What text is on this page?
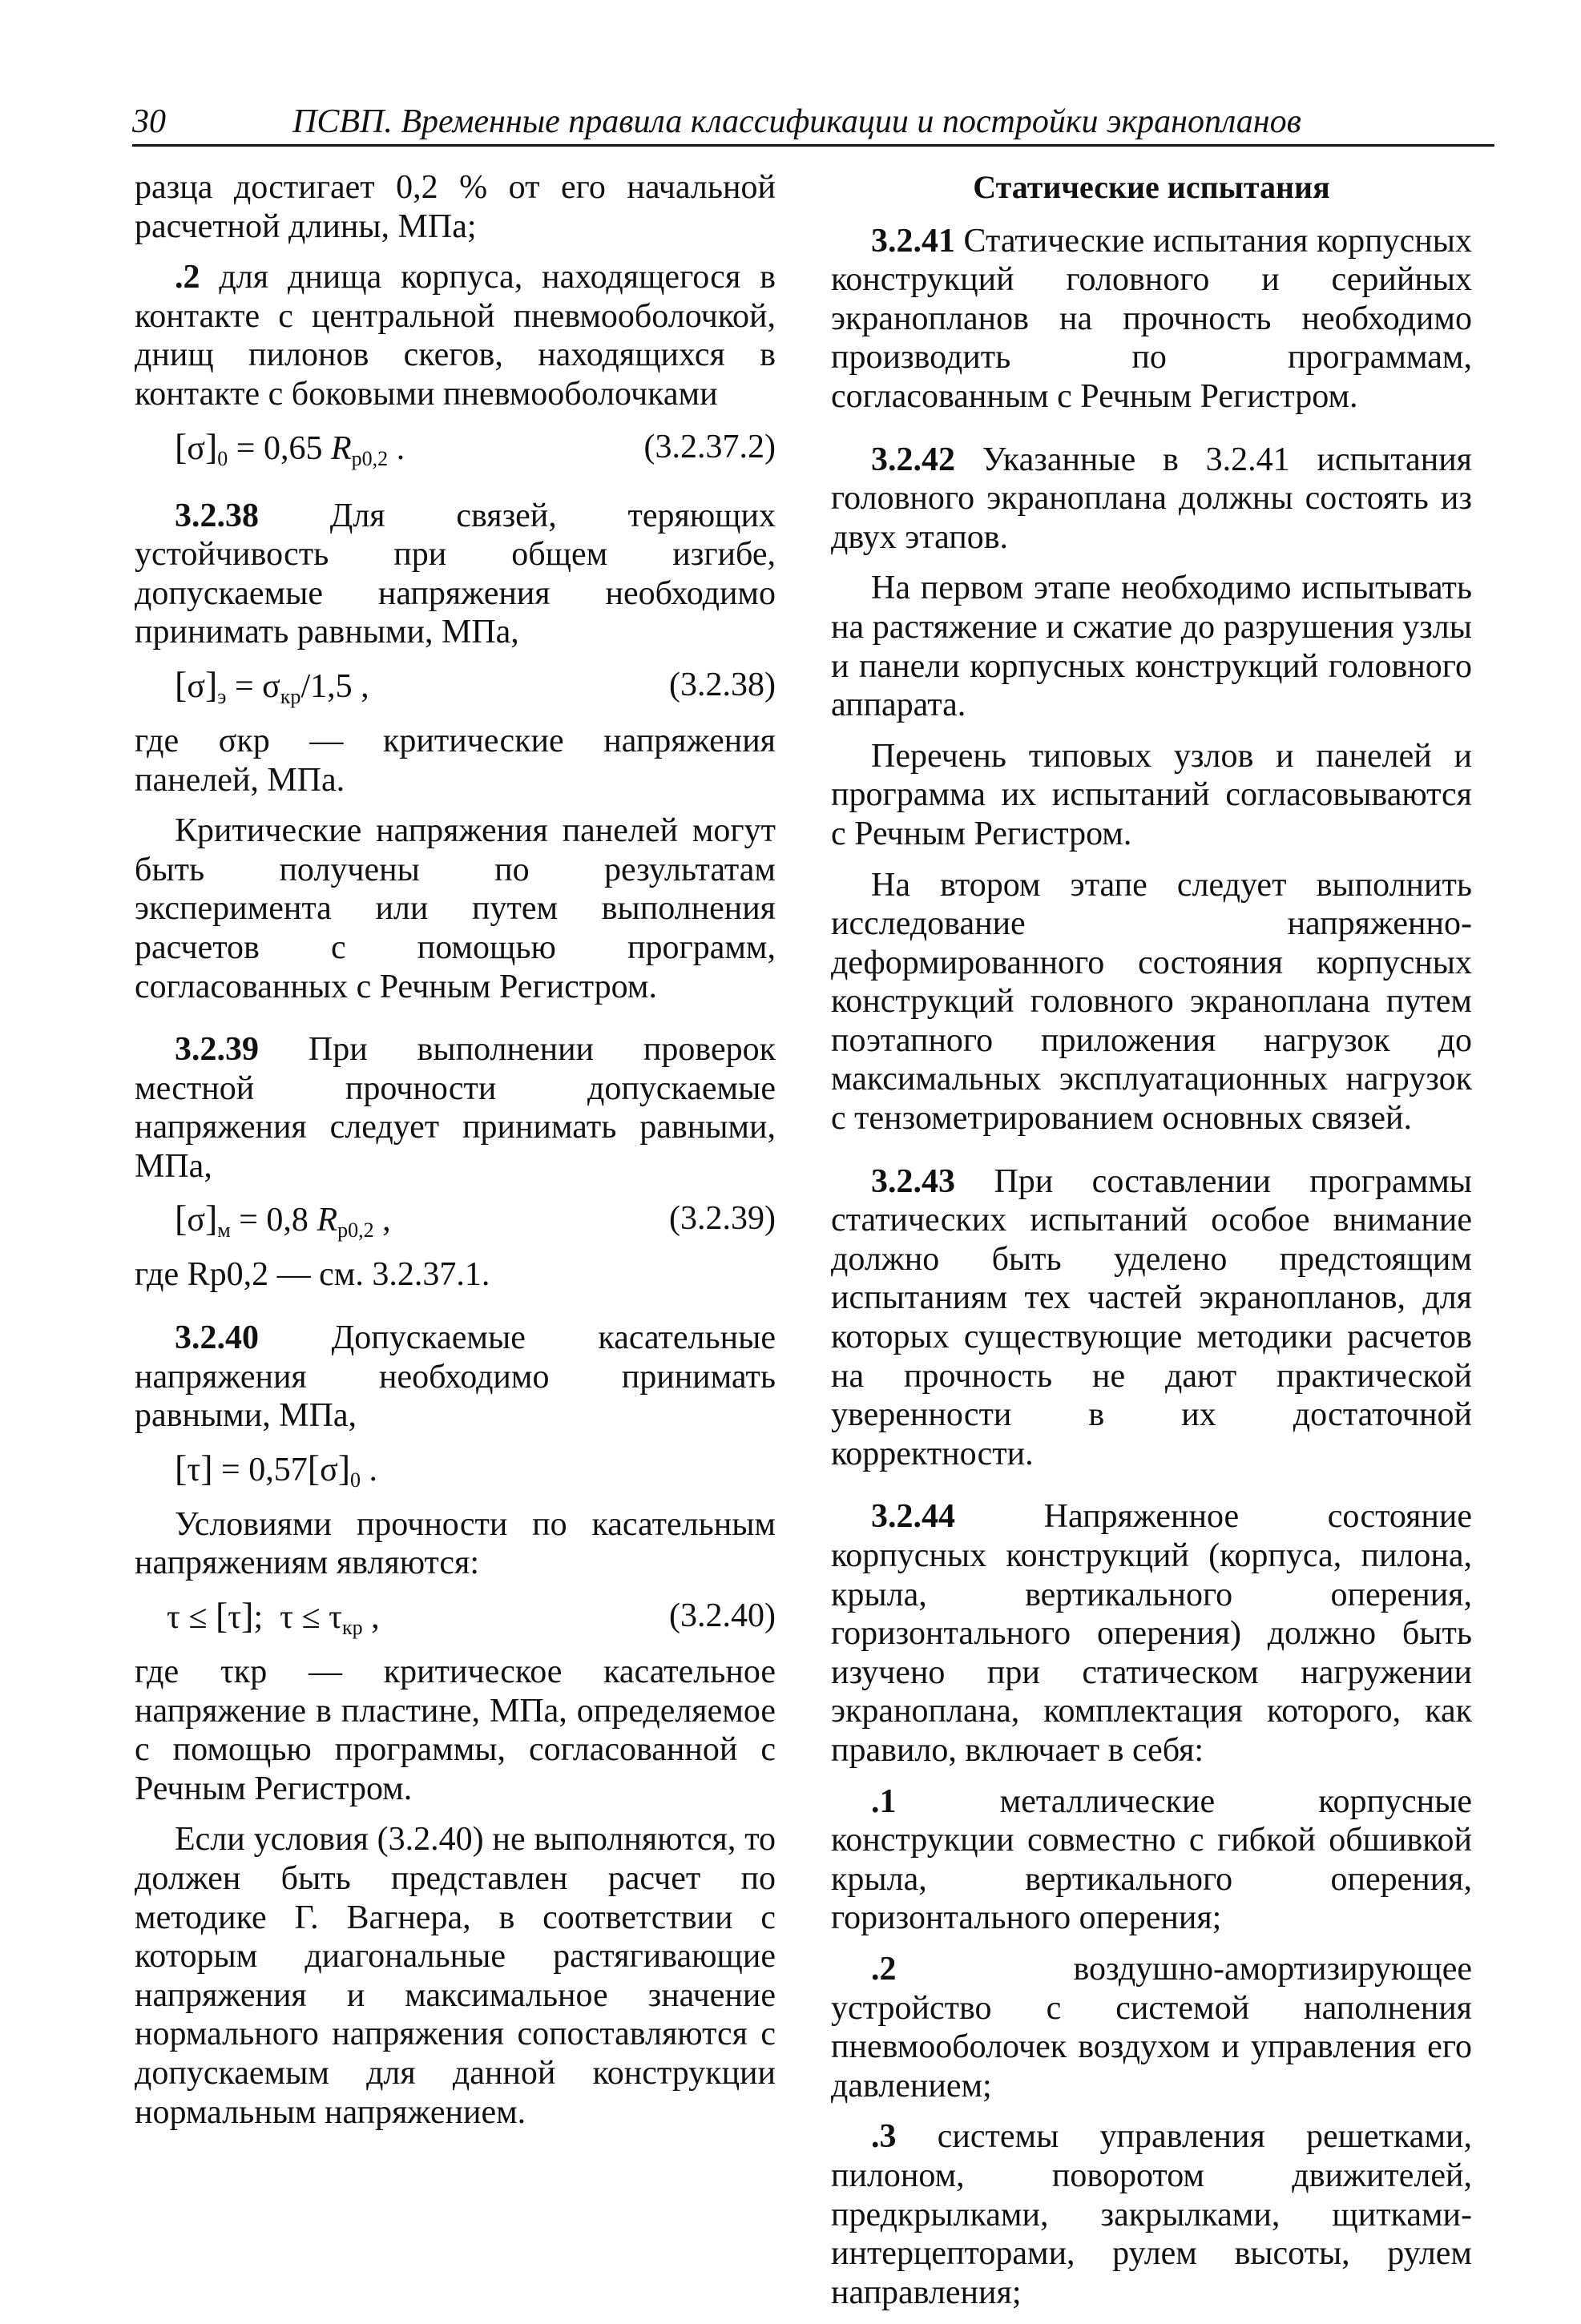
30	ПСВП. Временные правила классификации и постройки экранопланов

разца достигает 0,2 % от его начальной расчетной длины, МПа;

.2 для днища корпуса, находящегося в контакте с центральной пневмооболочкой, днищ пилонов скегов, находящихся в контакте с боковыми пневмооболочками

$[\sigma]_0 = 0,65$ $R_{p0,2}$ .	(3.2.37.2)

3.2.38 Для связей, теряющих устойчивость при общем изгибе, допускаемые напряжения необходимо принимать равными, МПа,

$[\sigma]_э = \sigma_{кр}/1,5$ ,	(3.2.38)

где σкр — критические напряжения панелей, МПа.

Критические напряжения панелей могут быть получены по результатам эксперимента или путем выполнения расчетов с помощью программ, согласованных с Речным Регистром.

3.2.39 При выполнении проверок местной прочности допускаемые напряжения следует принимать равными, МПа,

$[\sigma]_м = 0,8$ $R_{p0,2}$ ,	(3.2.39)

где Rp0,2 — см. 3.2.37.1.

3.2.40 Допускаемые касательные напряжения необходимо принимать равными, МПа,

$[\tau] = 0,57[\sigma]_0$ .

Условиями прочности по касательным напряжениям являются:

τ ≤ [τ];  $\tau \le \tau_{кр}$ ,	(3.2.40)

где τкр — критическое касательное напряжение в пластине, МПа, определяемое с помощью программы, согласованной с Речным Регистром.

Если условия (3.2.40) не выполняются, то должен быть представлен расчет по методике Г. Вагнера, в соответствии с которым диагональные растягивающие напряжения и максимальное значение нормального напряжения сопоставляются с допускаемым для данной конструкции нормальным напряжением.

Статические испытания

3.2.41 Статические испытания корпусных конструкций головного и серийных экранопланов на прочность необходимо производить по программам, согласованным с Речным Регистром.

3.2.42 Указанные в 3.2.41 испытания головного экраноплана должны состоять из двух этапов.

На первом этапе необходимо испытывать на растяжение и сжатие до разрушения узлы и панели корпусных конструкций головного аппарата.

Перечень типовых узлов и панелей и программа их испытаний согласовываются с Речным Регистром.

На втором этапе следует выполнить исследование напряженно-деформированного состояния корпусных конструкций головного экраноплана путем поэтапного приложения нагрузок до максимальных эксплуатационных нагрузок с тензометрированием основных связей.

3.2.43 При составлении программы статических испытаний особое внимание должно быть уделено предстоящим испытаниям тех частей экранопланов, для которых существующие методики расчетов на прочность не дают практической уверенности в их достаточной корректности.

3.2.44 Напряженное состояние корпусных конструкций (корпуса, пилона, крыла, вертикального оперения, горизонтального оперения) должно быть изучено при статическом нагружении экраноплана, комплектация которого, как правило, включает в себя:

.1 металлические корпусные конструкции совместно с гибкой обшивкой крыла, вертикального оперения, горизонтального оперения;

.2 воздушно-амортизирующее устройство с системой наполнения пневмооболочек воздухом и управления его давлением;

.3 системы управления решетками, пилоном, поворотом движителей, предкрылками, закрылками, щитками-интерцепторами, рулем высоты, рулем направления;
